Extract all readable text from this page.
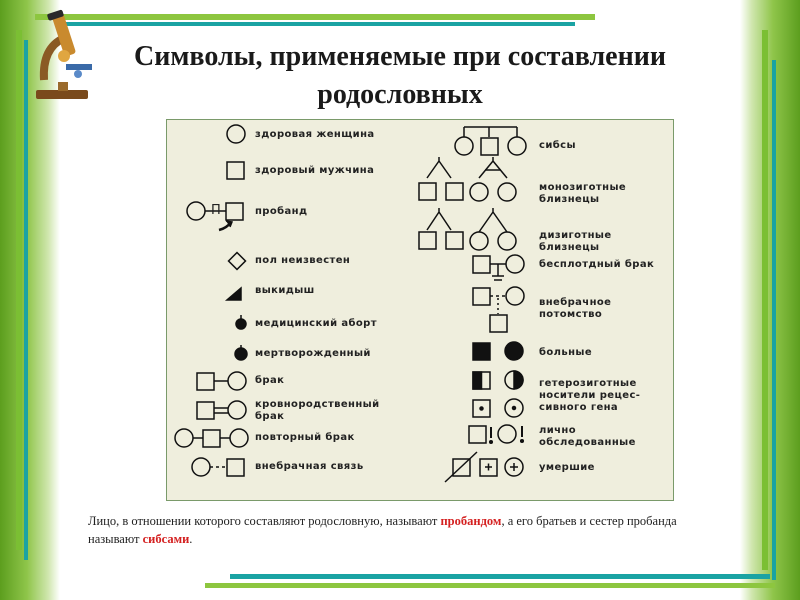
Символы, применяемые при составлении
родословных
здоровая женщина
здоровый мужчина
П	пробанд
пол неизвестен
выкидыш
медицинский аборт
мертворожденный
брак
кровнородственный
брак
повторный брак
внебрачная связь
сибсы
монозиготные
близнецы
дизиготные
близнецы
бесплотдный брак
внебрачное
потомство
больные
гетерозиготные
носители рецес-
сивного гена
лично
обследованные
умершие

Лицо, в отношении которого составляют родословную, называют пробандом, а его братьев и сестер пробанда называют сибсами.
